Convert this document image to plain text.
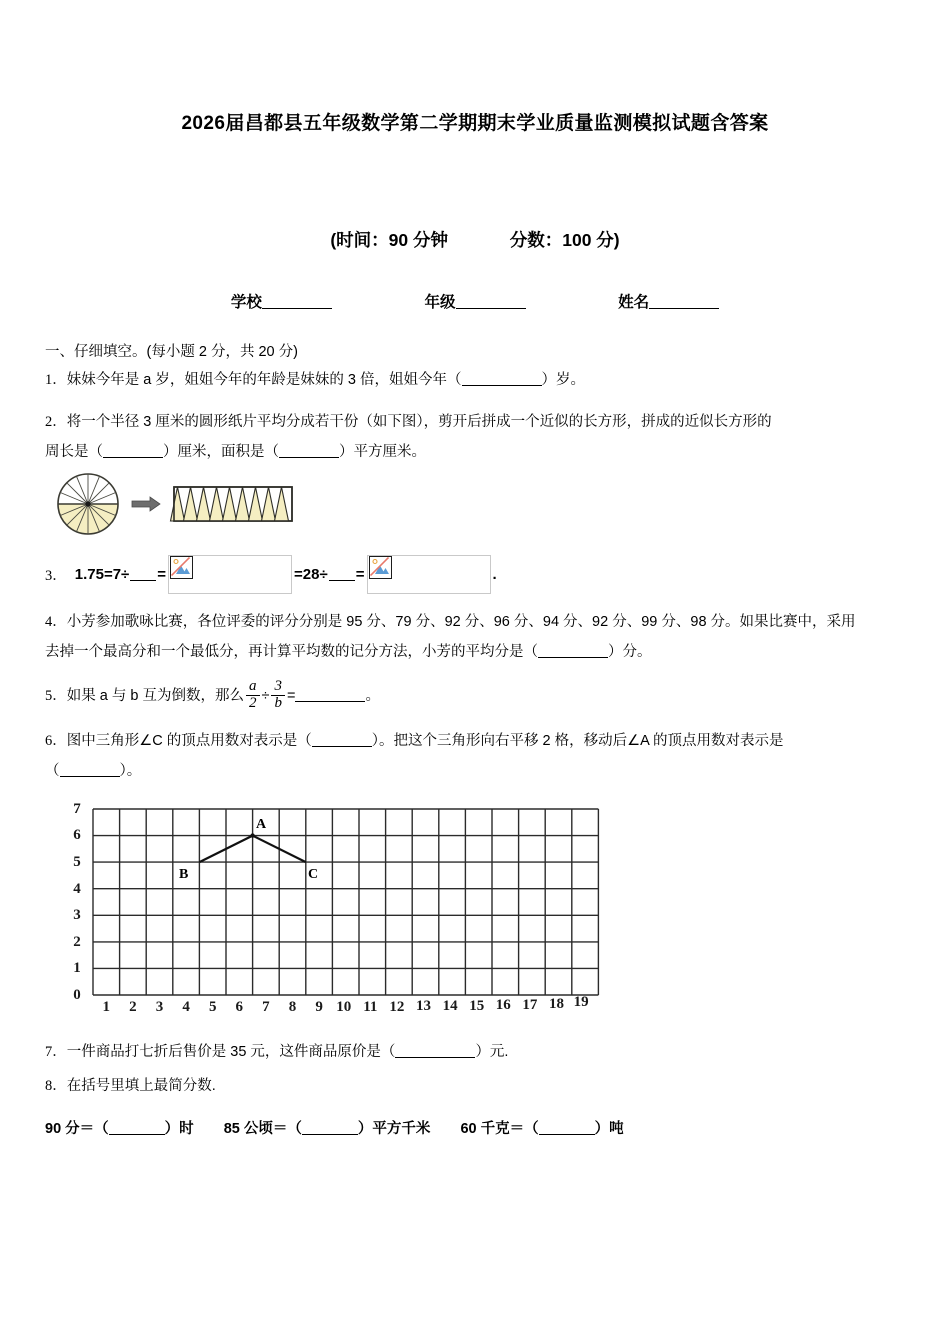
2026届昌都县五年级数学第二学期期末学业质量监测模拟试题含答案
(时间：90 分钟	分数：100 分)
学校	年级	姓名
一、仔细填空。(每小题 2 分，共 20 分)
1．妹妹今年是 a 岁，姐姐今年的年龄是妹妹的 3 倍，姐姐今年（	）岁。
2．将一个半径 3 厘米的圆形纸片平均分成若干份（如下图），剪开后拼成一个近似的长方形，拼成的近似长方形的
周长是（	）厘米，面积是（	）平方厘米。
3． 1.75=7÷ =	=28÷ =	.
4．小芳参加歌咏比赛，各位评委的评分分别是 95 分、79 分、92 分、96 分、94 分、92 分、99 分、98 分。如果比赛中，采用
去掉一个最高分和一个最低分，再计算平均数的记分方法，小芳的平均分是（	）分。
5．如果 a 与 b 互为倒数，那么 $\frac{a}{2} \div \frac{3}{b}$ =	。
6．图中三角形∠C 的顶点用数对表示是（	）。把这个三角形向右平移 2 格，移动后∠A 的顶点用数对表示是
（	）。
7
6
5
4
3
2
1
0
1	2	3	4	5	6	7	8	9 10 11 12 13 14 15 16 17 18 19
A
B	C
7．一件商品打七折后售价是 35 元，这件商品原价是（	）元.
8．在括号里填上最简分数.
90 分＝（	）时 85 公顷＝（	）平方千米 60 千克＝（	）吨
